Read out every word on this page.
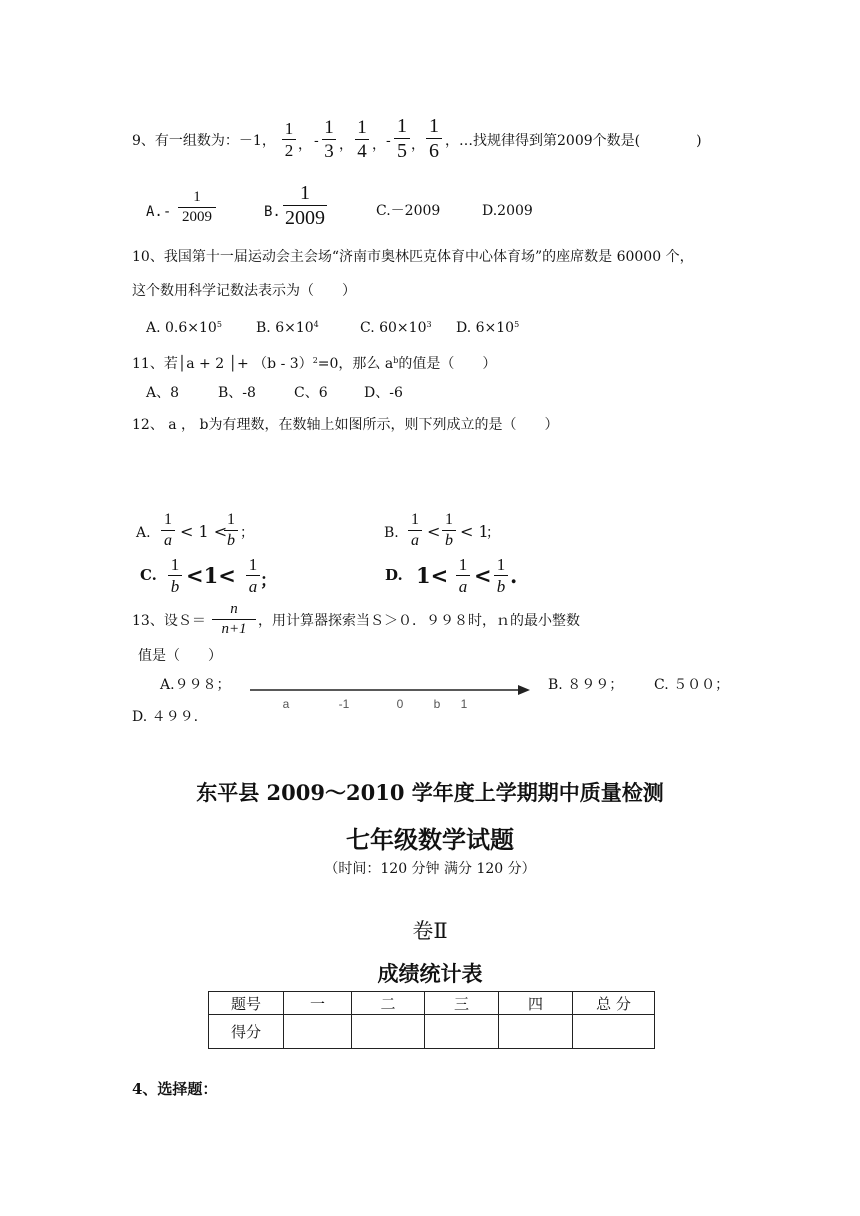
9、有一组数为：－1，
1
2 ， -
1
3 ，
1
4 ， -
1
5 ，
1
6 ，…找规律得到第2009个数是(　　　　)
A.-
1
2009	B.
1
2009	C.－2009	D.2009
10、我国第十一届运动会主会场“济南市奥林匹克体育中心体育场”的座席数是 60000 个，
这个数用科学记数法表示为（　　）
A. $0.6\times 10^5$ B. $6\times 10^4$	C. $60\times 10^3$ D. $6\times 10^5$
11、若│a + 2 │+ （b - 3）$^2$=0，那么 $a^b$的值是（　　）
A、8	B、-8	C、6	D、-6
12、 a ， b为有理数，在数轴上如图所示，则下列成立的是（　　）
A.
1
a < 1 <
1
b ；	B.
1
a <
1
b < 1
；
C.
1
b <1< 1
a ；	D. 1< 1
a < 1
b .
13、设Ｓ＝
n
n+1 ，用计算器探索当Ｓ＞０．９９８时，ｎ的最小整数
值是（　　）
A.９９８；	B. ８９９； C. ５００；
D. ４９９.
a	-1	0	b 1
东平县 2009～2010 学年度上学期期中质量检测
七年级数学试题
（时间：120 分钟 满分 120 分）
卷Ⅱ
成绩统计表
题号	一	二	三	四	总 分
得分					
4、选择题：
